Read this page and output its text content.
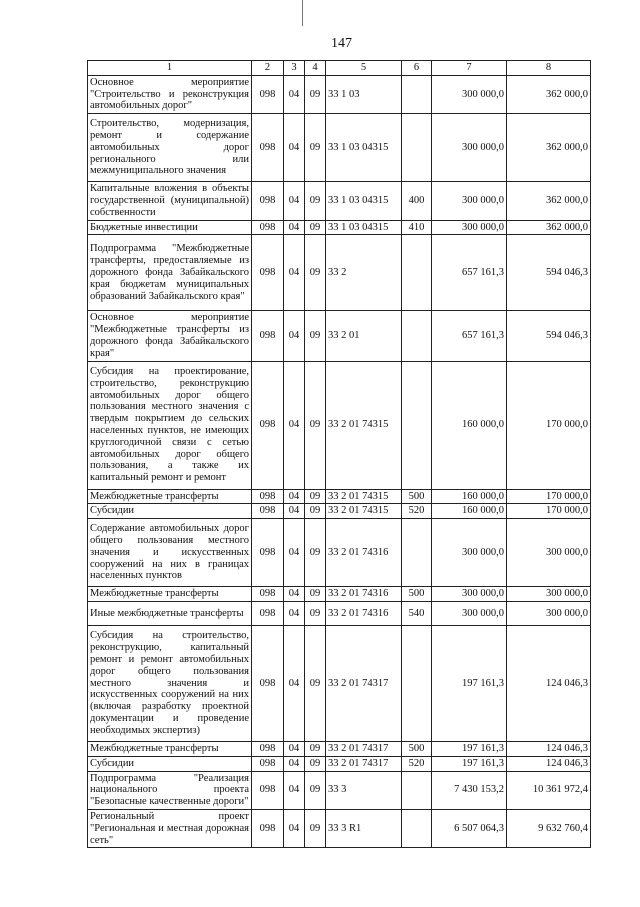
147
1	2	3	4	5	6	7	8
Основное мероприятие "Строительство и реконструкция автомобильных дорог"	098	04	09	33 1 03		300 000,0	362 000,0
Строительство, модернизация, ремонт и содержание автомобильных дорог регионального или межмуниципального значения	098	04	09	33 1 03 04315		300 000,0	362 000,0
Капитальные вложения в объекты государственной (муниципальной) собственности	098	04	09	33 1 03 04315	400	300 000,0	362 000,0
Бюджетные инвестиции	098	04	09	33 1 03 04315	410	300 000,0	362 000,0
Подпрограмма "Межбюджетные трансферты, предоставляемые из дорожного фонда Забайкальского края бюджетам муниципальных образований Забайкальского края"	098	04	09	33 2		657 161,3	594 046,3
Основное мероприятие "Межбюджетные трансферты из дорожного фонда Забайкальского края"	098	04	09	33 2 01		657 161,3	594 046,3
Субсидия на проектирование, строительство, реконструкцию автомобильных дорог общего пользования местного значения с твердым покрытием до сельских населенных пунктов, не имеющих круглогодичной связи с сетью автомобильных дорог общего пользования, а также их капитальный ремонт и ремонт	098	04	09	33 2 01 74315		160 000,0	170 000,0
Межбюджетные трансферты	098	04	09	33 2 01 74315	500	160 000,0	170 000,0
Субсидии	098	04	09	33 2 01 74315	520	160 000,0	170 000,0
Содержание автомобильных дорог общего пользования местного значения и искусственных сооружений на них в границах населенных пунктов	098	04	09	33 2 01 74316		300 000,0	300 000,0
Межбюджетные трансферты	098	04	09	33 2 01 74316	500	300 000,0	300 000,0
Иные межбюджетные трансферты	098	04	09	33 2 01 74316	540	300 000,0	300 000,0
Субсидия на строительство, реконструкцию, капитальный ремонт и ремонт автомобильных дорог общего пользования местного значения и искусственных сооружений на них (включая разработку проектной документации и проведение необходимых экспертиз)	098	04	09	33 2 01 74317		197 161,3	124 046,3
Межбюджетные трансферты	098	04	09	33 2 01 74317	500	197 161,3	124 046,3
Субсидии	098	04	09	33 2 01 74317	520	197 161,3	124 046,3
Подпрограмма "Реализация национального проекта "Безопасные качественные дороги"	098	04	09	33 3		7 430 153,2	10 361 972,4
Региональный проект "Региональная и местная дорожная сеть"	098	04	09	33 3 R1		6 507 064,3	9 632 760,4
